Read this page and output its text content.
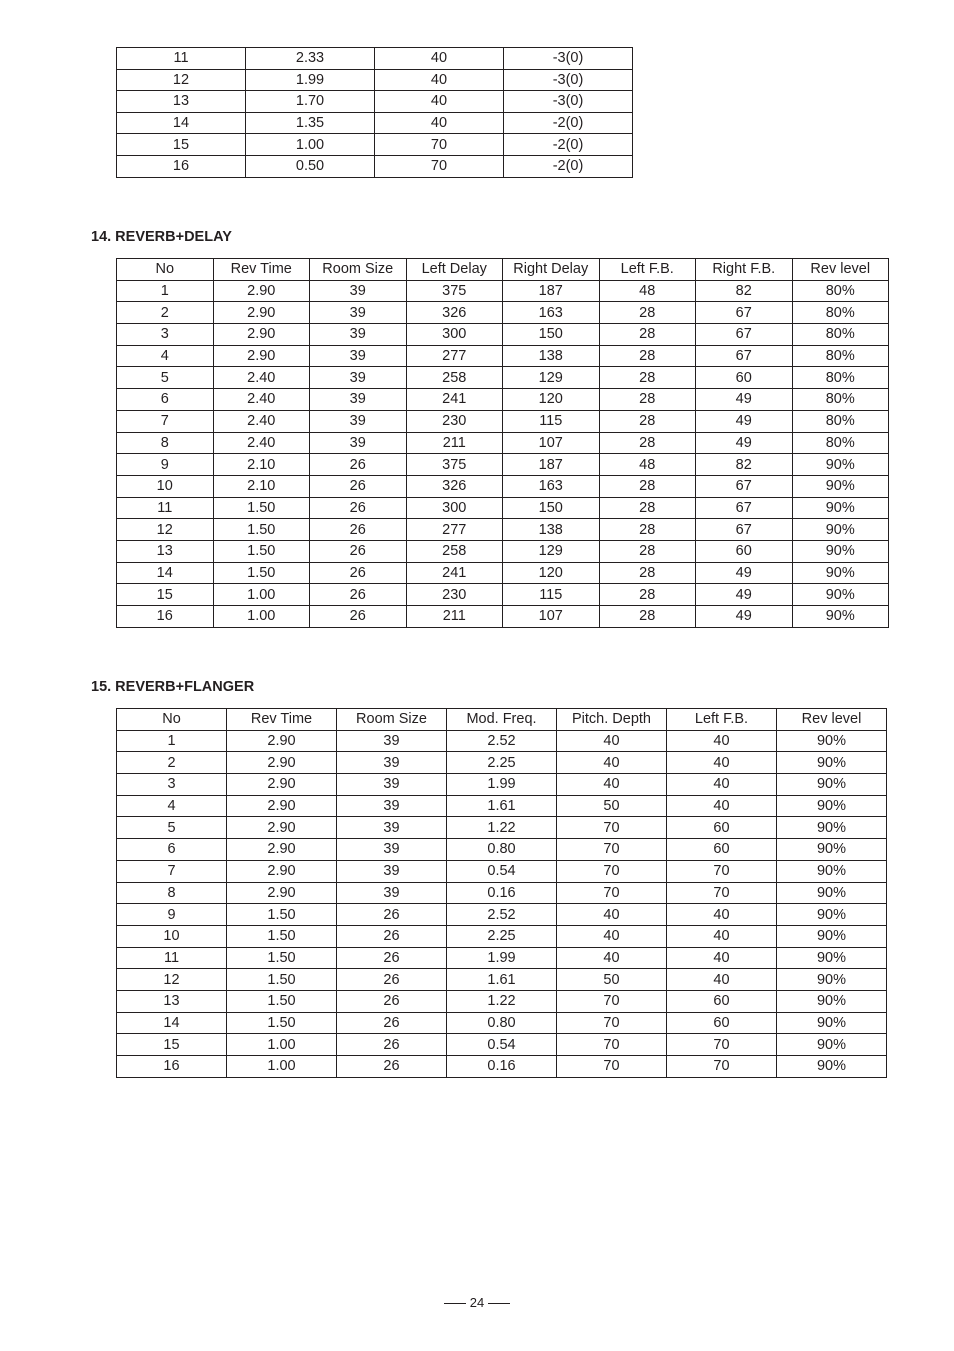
11	2.33	40	-3(0)
12	1.99	40	-3(0)
13	1.70	40	-3(0)
14	1.35	40	-2(0)
15	1.00	70	-2(0)
16	0.50	70	-2(0)
14. REVERB+DELAY
No	Rev Time	Room Size	Left Delay	Right Delay	Left F.B.	Right F.B.	Rev level
1	2.90	39	375	187	48	82	80%
2	2.90	39	326	163	28	67	80%
3	2.90	39	300	150	28	67	80%
4	2.90	39	277	138	28	67	80%
5	2.40	39	258	129	28	60	80%
6	2.40	39	241	120	28	49	80%
7	2.40	39	230	115	28	49	80%
8	2.40	39	211	107	28	49	80%
9	2.10	26	375	187	48	82	90%
10	2.10	26	326	163	28	67	90%
11	1.50	26	300	150	28	67	90%
12	1.50	26	277	138	28	67	90%
13	1.50	26	258	129	28	60	90%
14	1.50	26	241	120	28	49	90%
15	1.00	26	230	115	28	49	90%
16	1.00	26	211	107	28	49	90%
15. REVERB+FLANGER
No	Rev Time	Room Size	Mod. Freq.	Pitch. Depth	Left F.B.	Rev level
1	2.90	39	2.52	40	40	90%
2	2.90	39	2.25	40	40	90%
3	2.90	39	1.99	40	40	90%
4	2.90	39	1.61	50	40	90%
5	2.90	39	1.22	70	60	90%
6	2.90	39	0.80	70	60	90%
7	2.90	39	0.54	70	70	90%
8	2.90	39	0.16	70	70	90%
9	1.50	26	2.52	40	40	90%
10	1.50	26	2.25	40	40	90%
11	1.50	26	1.99	40	40	90%
12	1.50	26	1.61	50	40	90%
13	1.50	26	1.22	70	60	90%
14	1.50	26	0.80	70	60	90%
15	1.00	26	0.54	70	70	90%
16	1.00	26	0.16	70	70	90%
24
